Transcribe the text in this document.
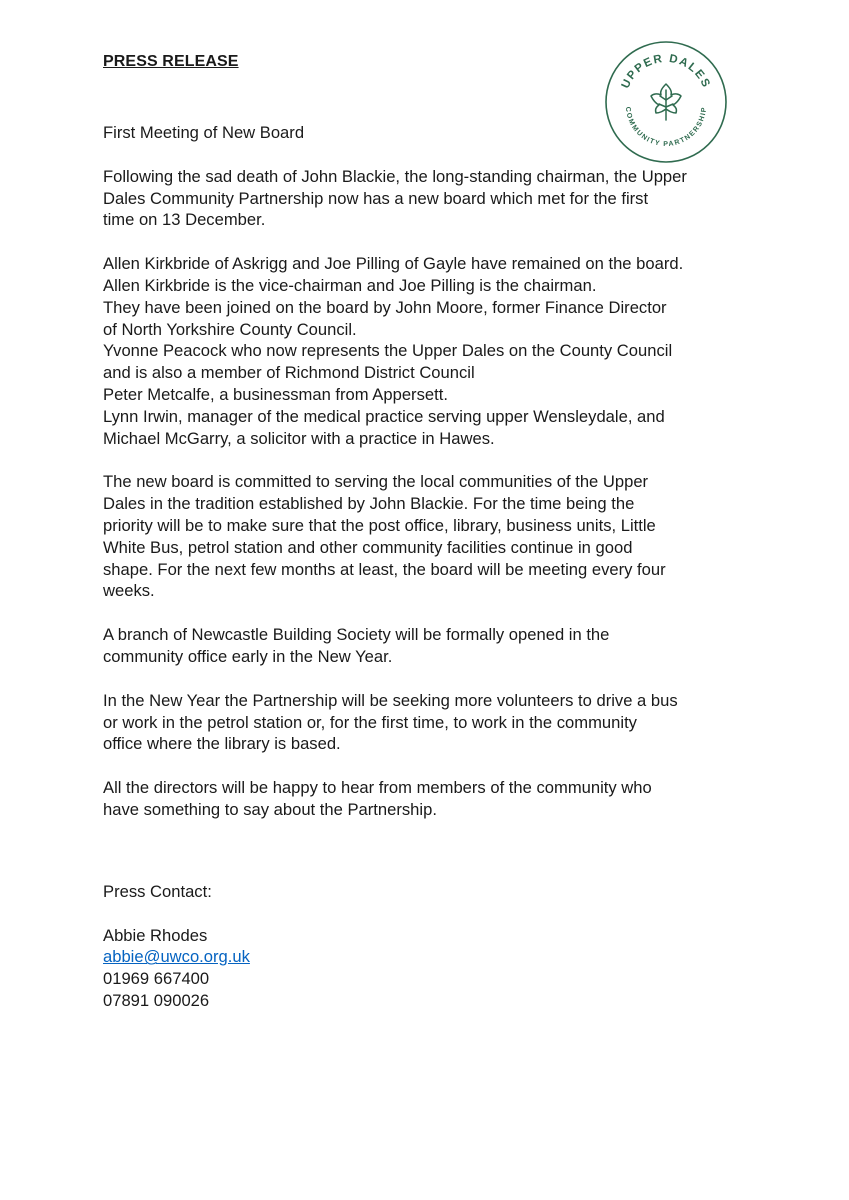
PRESS RELEASE
UPPER DALES
COMMUNITY PARTNERSHIP

First Meeting of New Board

Following the sad death of John Blackie, the long-standing chairman, the Upper

Dales Community Partnership now has a new board which met for the first

time on 13 December.

Allen Kirkbride of Askrigg and Joe Pilling of Gayle have remained on the board.

Allen Kirkbride is the vice-chairman and Joe Pilling is the chairman.

They have been joined on the board by John Moore, former Finance Director

of North Yorkshire County Council.

Yvonne Peacock who now represents the Upper Dales on the County Council

and is also a member of Richmond District Council

Peter Metcalfe, a businessman from Appersett.

Lynn Irwin, manager of the medical practice serving upper Wensleydale, and

Michael McGarry, a solicitor with a practice in Hawes.

The new board is committed to serving the local communities of the Upper

Dales in the tradition established by John Blackie. For the time being the

priority will be to make sure that the post office, library, business units, Little

White Bus, petrol station and other community facilities continue in good

shape. For the next few months at least, the board will be meeting every four

weeks.

A branch of Newcastle Building Society will be formally opened in the

community office early in the New Year.

In the New Year the Partnership will be seeking more volunteers to drive a bus

or work in the petrol station or, for the first time, to work in the community

office where the library is based.

All the directors will be happy to hear from members of the community who

have something to say about the Partnership.

Press Contact:

Abbie Rhodes

abbie@uwco.org.uk

01969 667400

07891 090026
